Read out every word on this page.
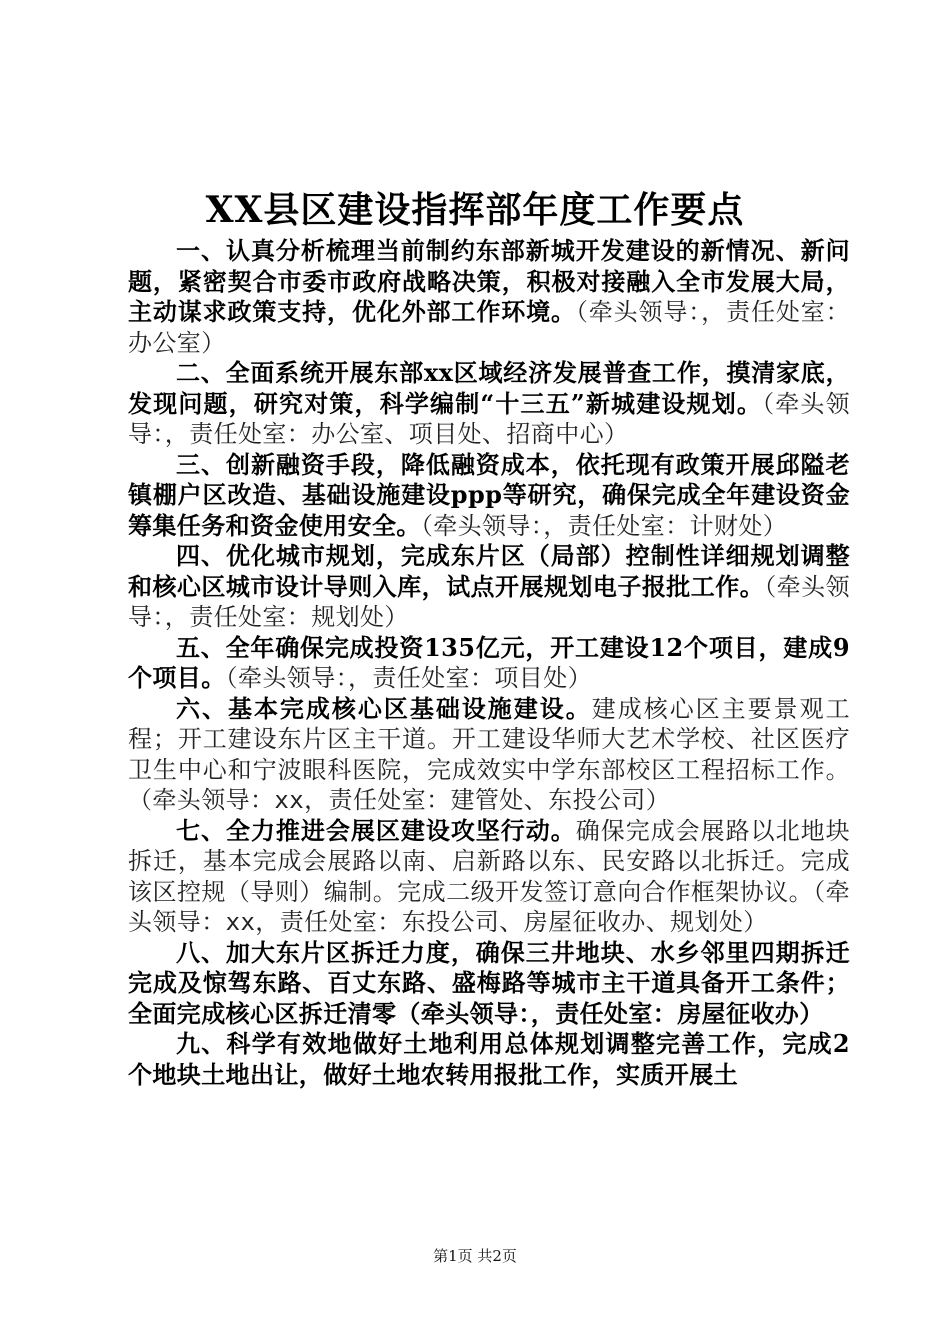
XX县区建设指挥部年度工作要点

一、认真分析梳理当前制约东部新城开发建设的新情况、新问题，紧密契合市委市政府战略决策，积极对接融入全市发展大局，主动谋求政策支持，优化外部工作环境。（牵头领导：，责任处室：办公室）

二、全面系统开展东部xx区域经济发展普查工作，摸清家底，发现问题，研究对策，科学编制“十三五”新城建设规划。（牵头领导：，责任处室：办公室、项目处、招商中心）

三、创新融资手段，降低融资成本，依托现有政策开展邱隘老镇棚户区改造、基础设施建设ppp等研究，确保完成全年建设资金筹集任务和资金使用安全。（牵头领导：，责任处室：计财处）

四、优化城市规划，完成东片区（局部）控制性详细规划调整和核心区城市设计导则入库，试点开展规划电子报批工作。（牵头领导：，责任处室：规划处）

五、全年确保完成投资135亿元，开工建设12个项目，建成9个项目。（牵头领导：，责任处室：项目处）

六、基本完成核心区基础设施建设。建成核心区主要景观工程；开工建设东片区主干道。开工建设华师大艺术学校、社区医疗卫生中心和宁波眼科医院，完成效实中学东部校区工程招标工作。（牵头领导：xx，责任处室：建管处、东投公司）

七、全力推进会展区建设攻坚行动。确保完成会展路以北地块拆迁，基本完成会展路以南、启新路以东、民安路以北拆迁。完成该区控规（导则）编制。完成二级开发签订意向合作框架协议。（牵头领导：xx，责任处室：东投公司、房屋征收办、规划处）

八、加大东片区拆迁力度，确保三井地块、水乡邻里四期拆迁完成及惊驾东路、百丈东路、盛梅路等城市主干道具备开工条件；全面完成核心区拆迁清零（牵头领导：，责任处室：房屋征收办）

九、科学有效地做好土地利用总体规划调整完善工作，完成2个地块土地出让，做好土地农转用报批工作，实质开展土

第1页 共2页
